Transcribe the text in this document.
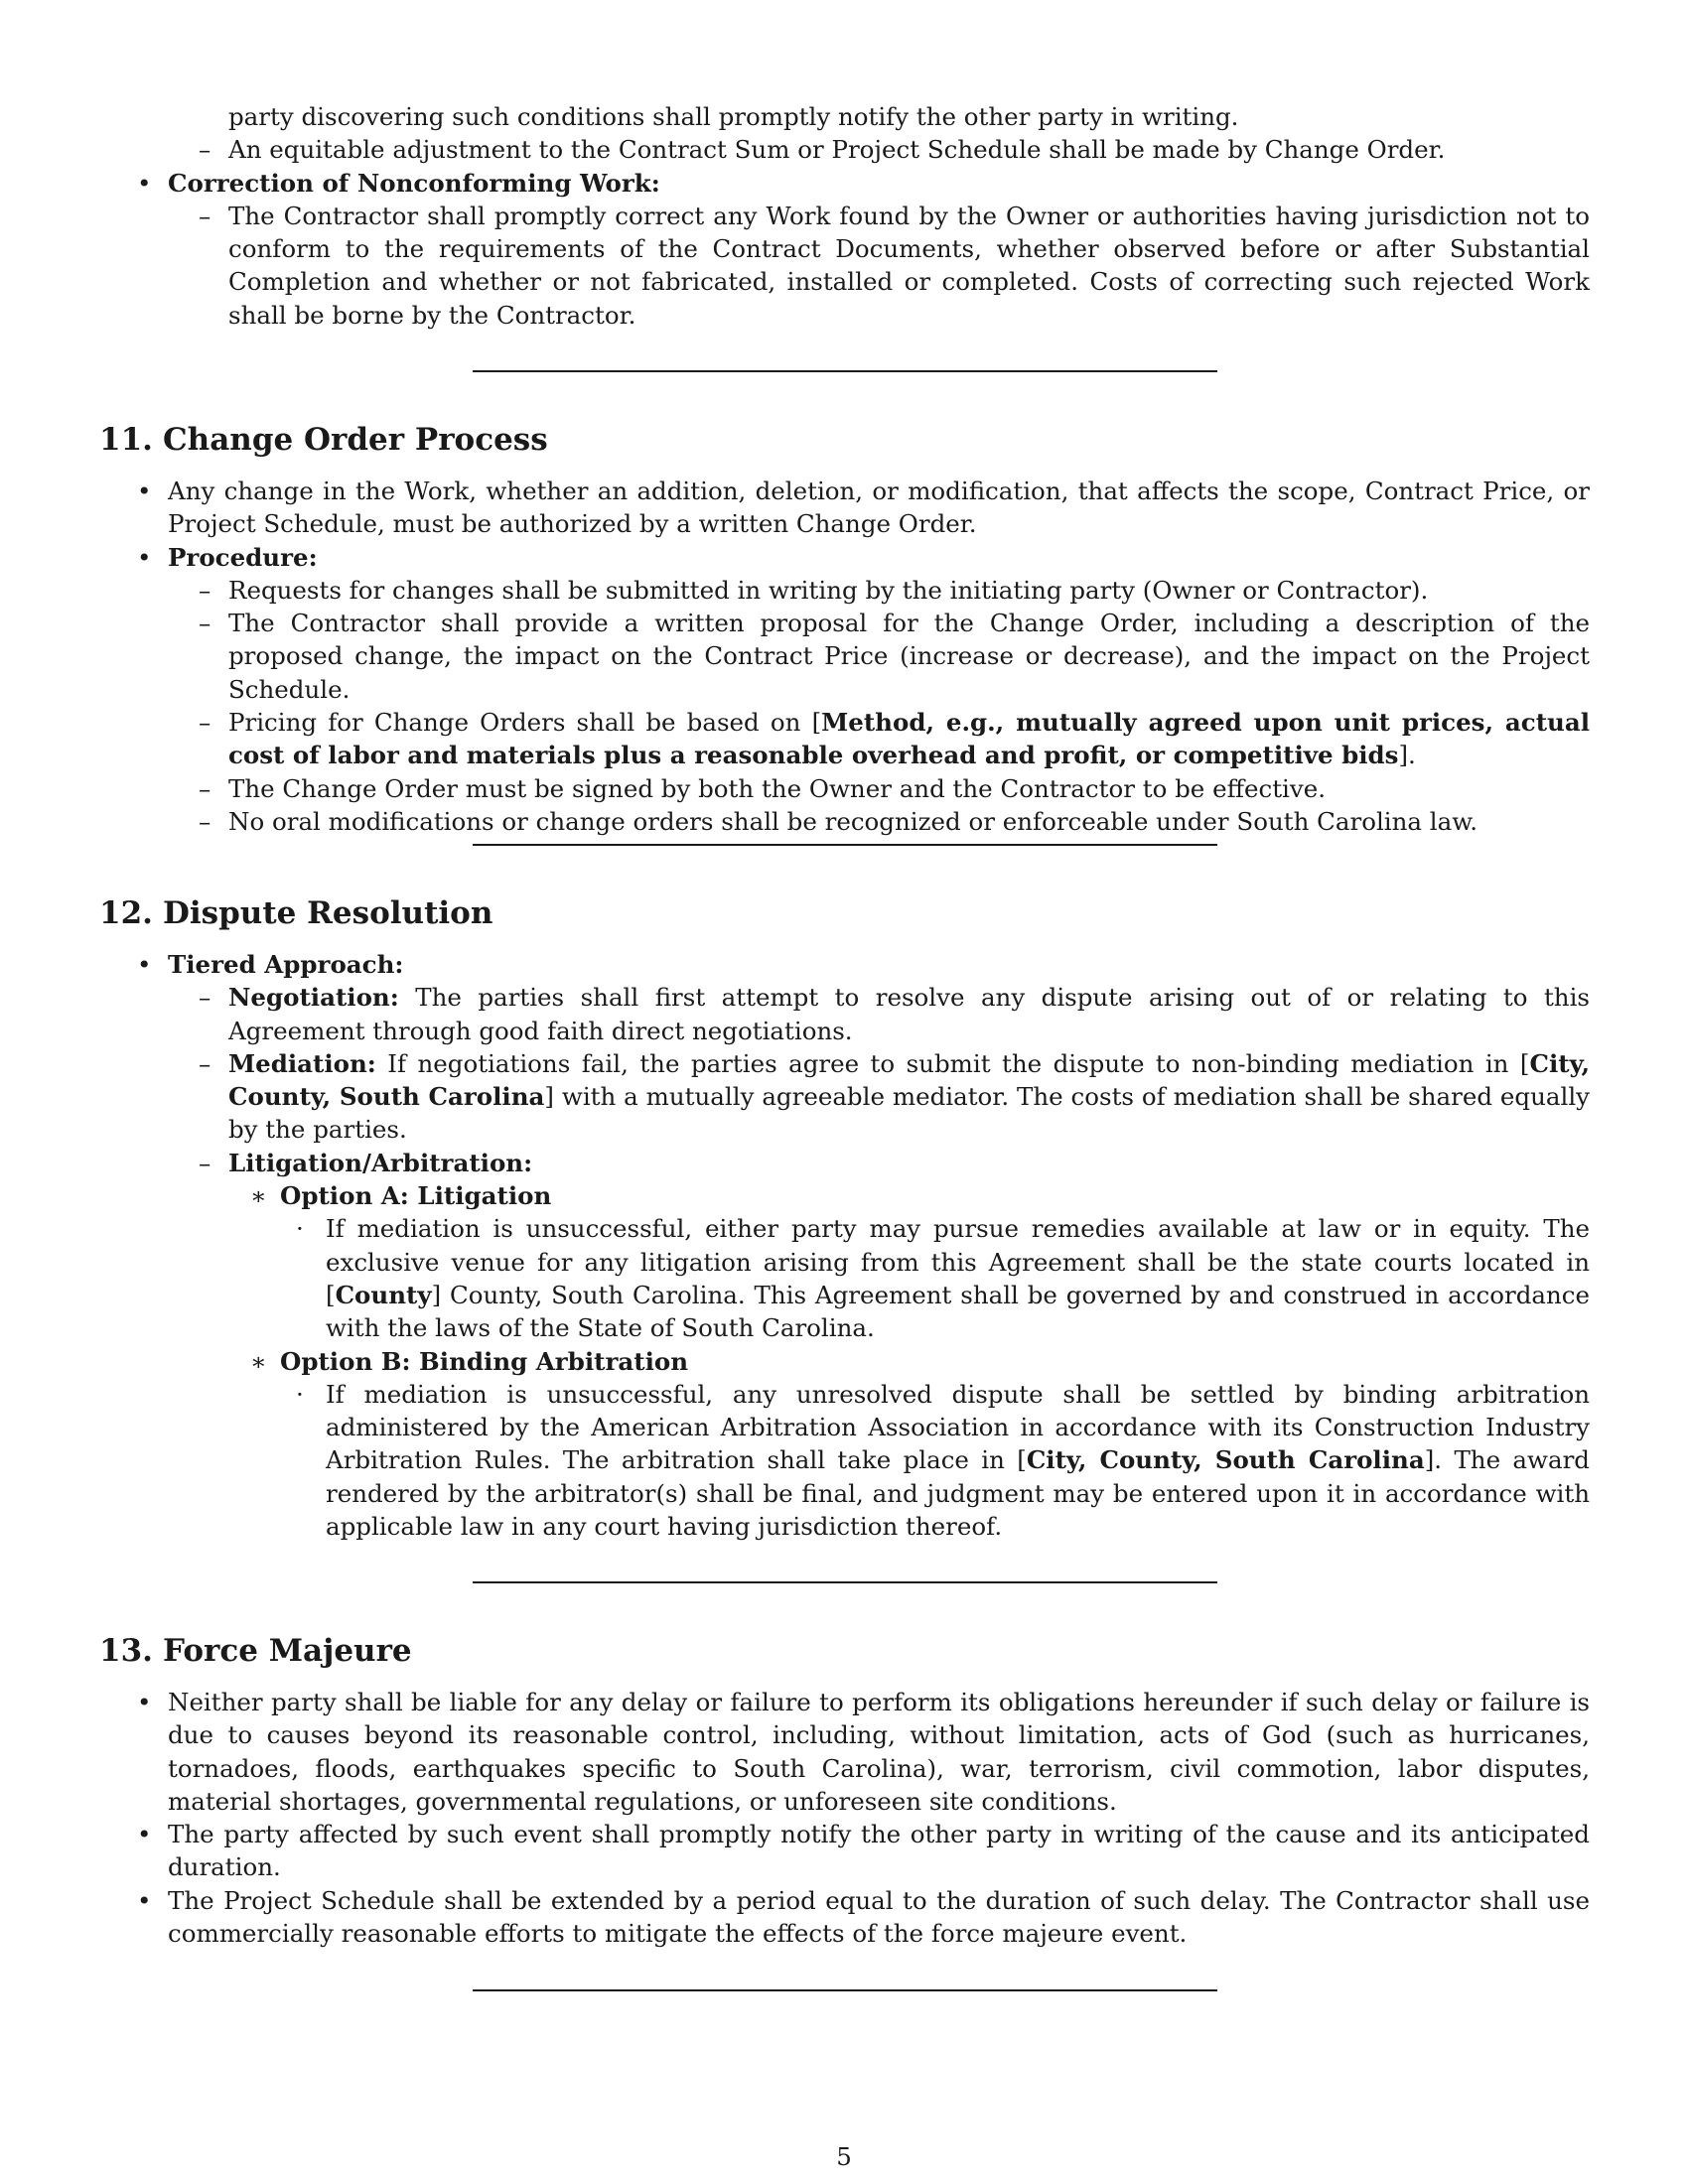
party discovering such conditions shall promptly notify the other party in writing.
– An equitable adjustment to the Contract Sum or Project Schedule shall be made by Change Order.
• Correction of Nonconforming Work:
– The Contractor shall promptly correct any Work found by the Owner or authorities having jurisdiction not to conform to the requirements of the Contract Documents, whether observed before or after Substantial Completion and whether or not fabricated, installed or completed. Costs of correcting such rejected Work shall be borne by the Contractor.
11. Change Order Process
• Any change in the Work, whether an addition, deletion, or modification, that affects the scope, Contract Price, or Project Schedule, must be authorized by a written Change Order.
• Procedure:
– Requests for changes shall be submitted in writing by the initiating party (Owner or Contractor).
– The Contractor shall provide a written proposal for the Change Order, including a description of the proposed change, the impact on the Contract Price (increase or decrease), and the impact on the Project Schedule.
– Pricing for Change Orders shall be based on [Method, e.g., mutually agreed upon unit prices, actual cost of labor and materials plus a reasonable overhead and profit, or competitive bids].
– The Change Order must be signed by both the Owner and the Contractor to be effective.
– No oral modifications or change orders shall be recognized or enforceable under South Carolina law.
12. Dispute Resolution
• Tiered Approach:
– Negotiation: The parties shall first attempt to resolve any dispute arising out of or relating to this Agreement through good faith direct negotiations.
– Mediation: If negotiations fail, the parties agree to submit the dispute to non-binding mediation in [City, County, South Carolina] with a mutually agreeable mediator. The costs of mediation shall be shared equally by the parties.
– Litigation/Arbitration:
∗ Option A: Litigation
· If mediation is unsuccessful, either party may pursue remedies available at law or in equity. The exclusive venue for any litigation arising from this Agreement shall be the state courts located in [County] County, South Carolina. This Agreement shall be governed by and construed in accordance with the laws of the State of South Carolina.
∗ Option B: Binding Arbitration
· If mediation is unsuccessful, any unresolved dispute shall be settled by binding arbitration administered by the American Arbitration Association in accordance with its Construction Industry Arbitration Rules. The arbitration shall take place in [City, County, South Carolina]. The award rendered by the arbitrator(s) shall be final, and judgment may be entered upon it in accordance with applicable law in any court having jurisdiction thereof.
13. Force Majeure
• Neither party shall be liable for any delay or failure to perform its obligations hereunder if such delay or failure is due to causes beyond its reasonable control, including, without limitation, acts of God (such as hurricanes, tornadoes, floods, earthquakes specific to South Carolina), war, terrorism, civil commotion, labor disputes, material shortages, governmental regulations, or unforeseen site conditions.
• The party affected by such event shall promptly notify the other party in writing of the cause and its anticipated duration.
• The Project Schedule shall be extended by a period equal to the duration of such delay. The Contractor shall use commercially reasonable efforts to mitigate the effects of the force majeure event.
5
